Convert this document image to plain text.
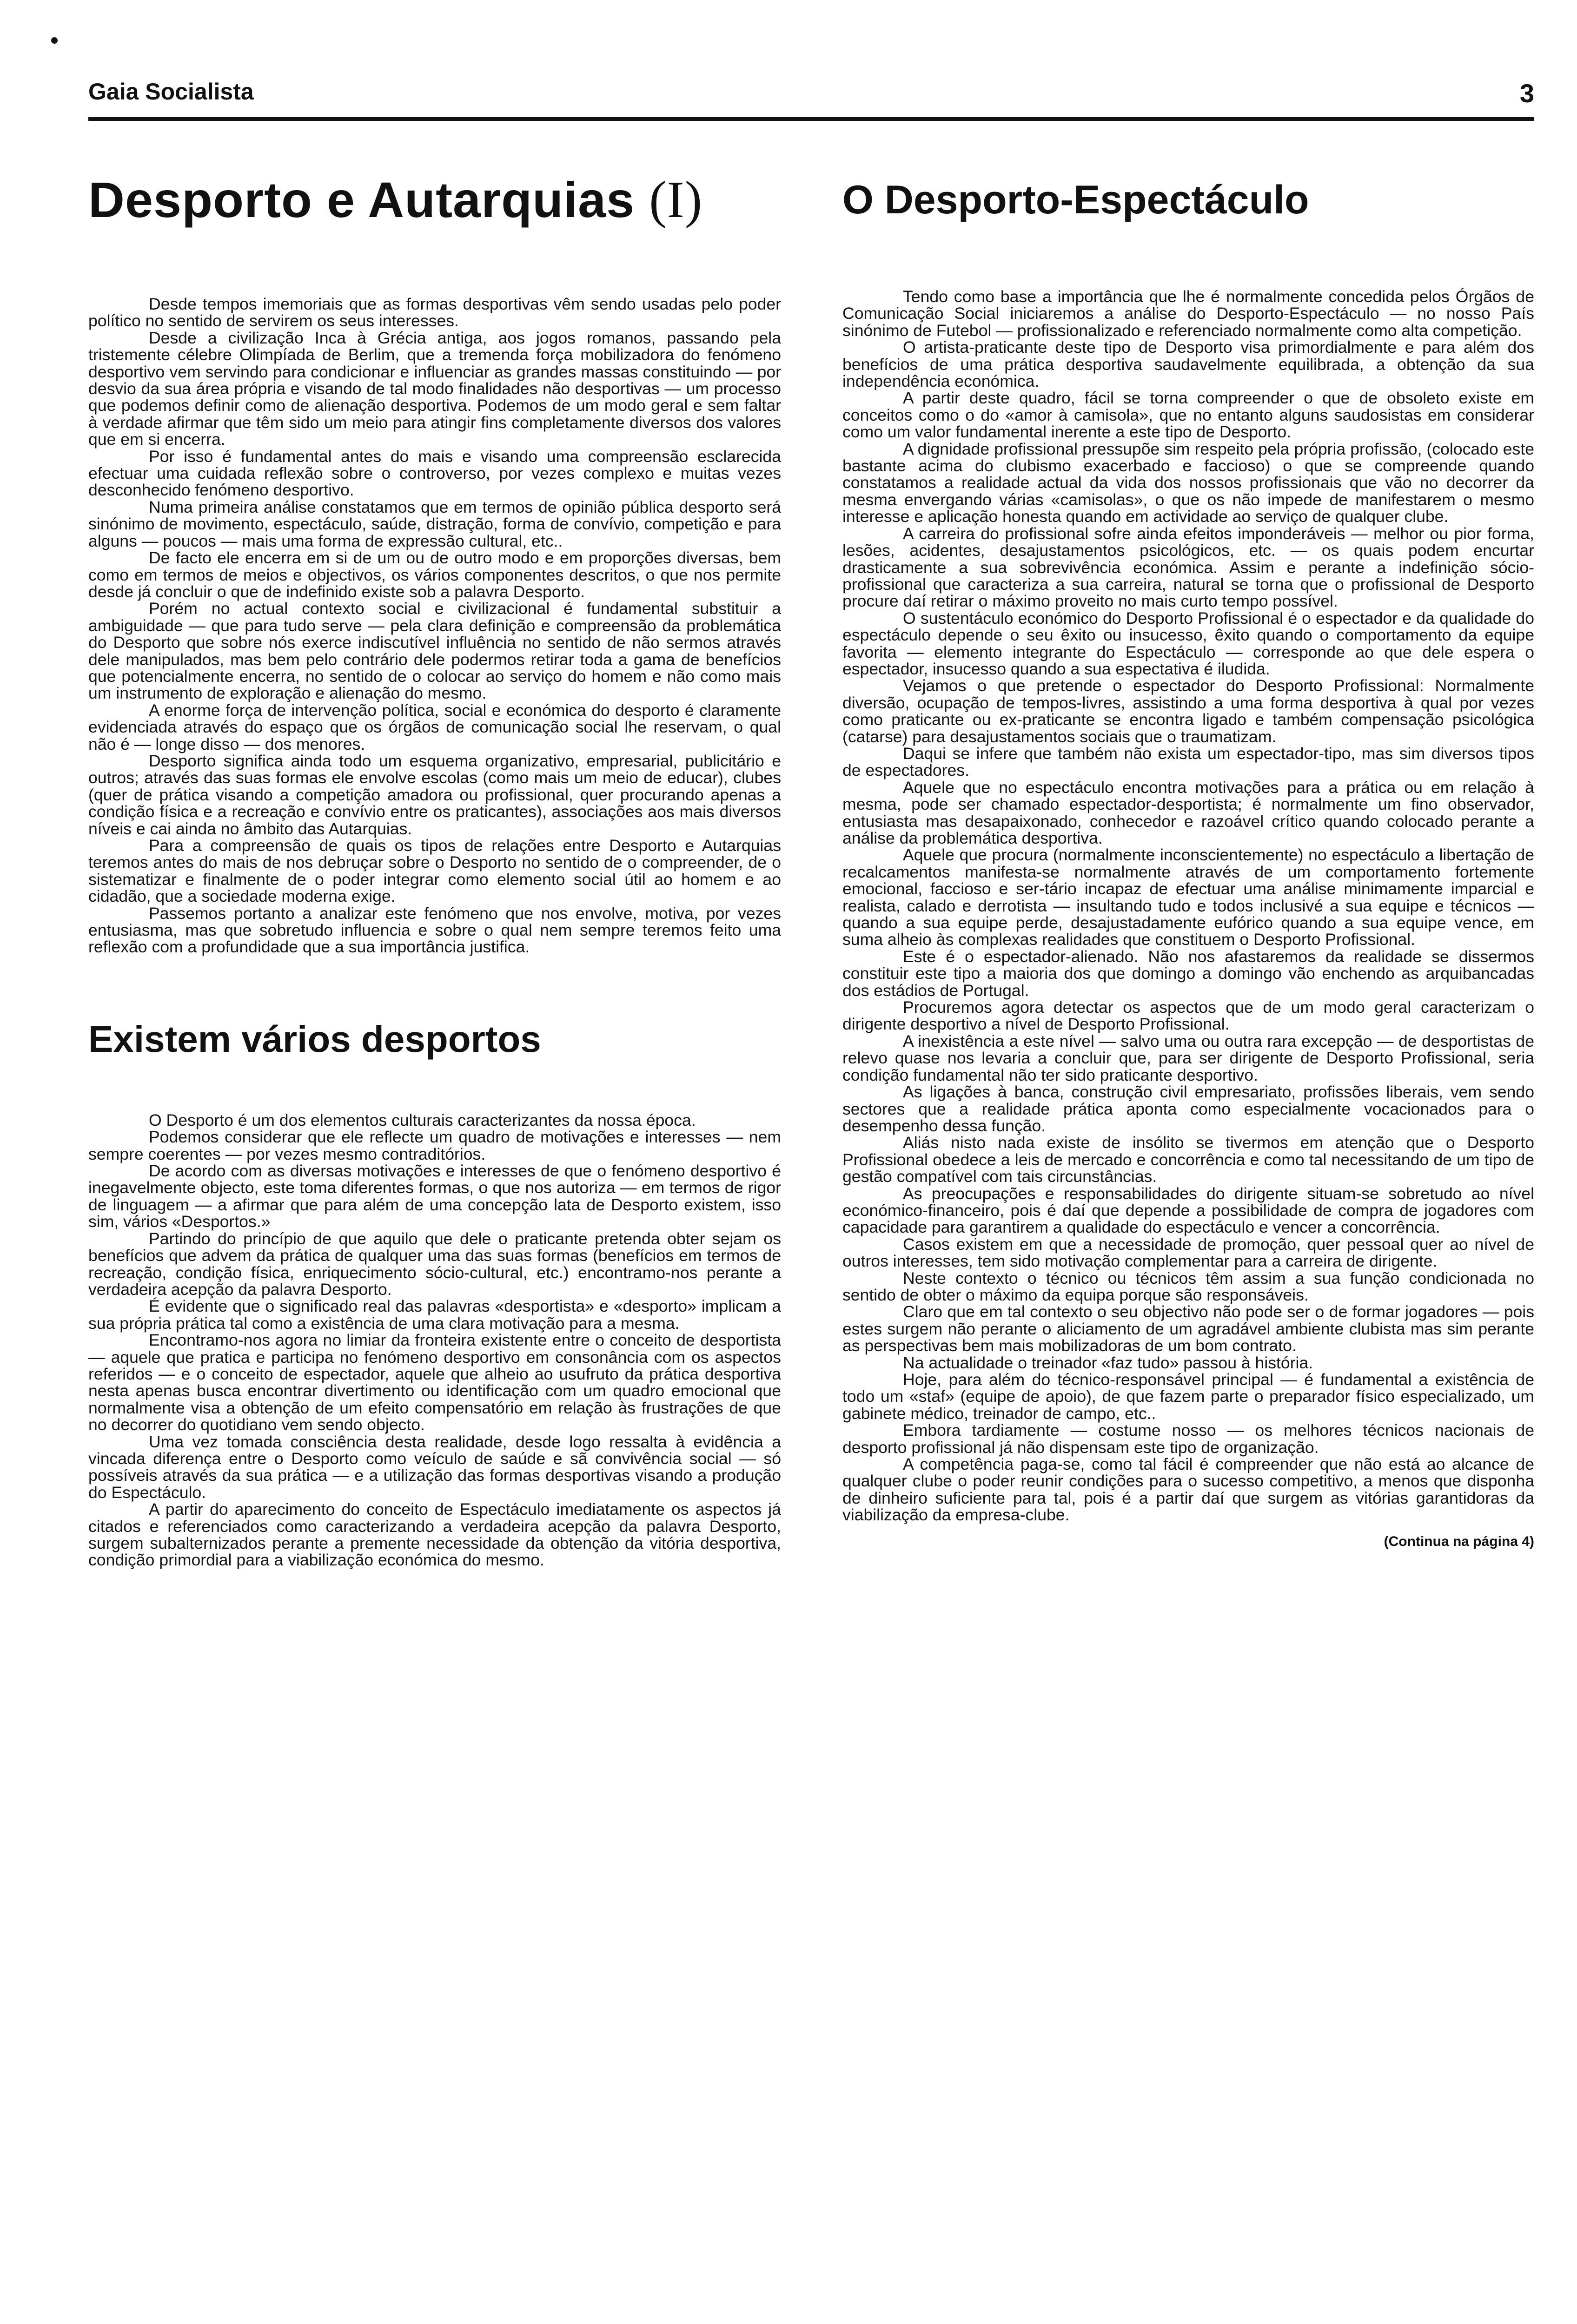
Gaia Socialista	3
Desporto e Autarquias (I)

Desde tempos imemoriais que as formas desportivas vêm sendo usadas pelo poder político no sentido de servirem os seus interesses.

Desde a civilização Inca à Grécia antiga, aos jogos romanos, passando pela tristemente célebre Olimpíada de Berlim, que a tremenda força mobilizadora do fenómeno desportivo vem servindo para condicionar e influenciar as grandes massas constituindo — por desvio da sua área própria e visando de tal modo finalidades não desportivas — um processo que podemos definir como de alienação desportiva. Podemos de um modo geral e sem faltar à verdade afirmar que têm sido um meio para atingir fins completamente diversos dos valores que em si encerra.

Por isso é fundamental antes do mais e visando uma compreensão esclarecida efectuar uma cuidada reflexão sobre o controverso, por vezes complexo e muitas vezes desconhecido fenómeno desportivo.

Numa primeira análise constatamos que em termos de opinião pública desporto será sinónimo de movimento, espectáculo, saúde, distração, forma de convívio, competição e para alguns — poucos — mais uma forma de expressão cultural, etc..

De facto ele encerra em si de um ou de outro modo e em proporções diversas, bem como em termos de meios e objectivos, os vários componentes descritos, o que nos permite desde já concluir o que de indefinido existe sob a palavra Desporto.

Porém no actual contexto social e civilizacional é fundamental substituir a ambiguidade — que para tudo serve — pela clara definição e compreensão da problemática do Desporto que sobre nós exerce indiscutível influência no sentido de não sermos através dele manipulados, mas bem pelo contrário dele podermos retirar toda a gama de benefícios que potencialmente encerra, no sentido de o colocar ao serviço do homem e não como mais um instrumento de exploração e alienação do mesmo.

A enorme força de intervenção política, social e económica do desporto é claramente evidenciada através do espaço que os órgãos de comunicação social lhe reservam, o qual não é — longe disso — dos menores.

Desporto significa ainda todo um esquema organizativo, empresarial, publicitário e outros; através das suas formas ele envolve escolas (como mais um meio de educar), clubes (quer de prática visando a competição amadora ou profissional, quer procurando apenas a condição física e a recreação e convívio entre os praticantes), associações aos mais diversos níveis e cai ainda no âmbito das Autarquias.

Para a compreensão de quais os tipos de relações entre Desporto e Autarquias teremos antes do mais de nos debruçar sobre o Desporto no sentido de o compreender, de o sistematizar e finalmente de o poder integrar como elemento social útil ao homem e ao cidadão, que a sociedade moderna exige.

Passemos portanto a analizar este fenómeno que nos envolve, motiva, por vezes entusiasma, mas que sobretudo influencia e sobre o qual nem sempre teremos feito uma reflexão com a profundidade que a sua importância justifica.

Existem vários desportos

O Desporto é um dos elementos culturais caracterizantes da nossa época.

Podemos considerar que ele reflecte um quadro de motivações e interesses — nem sempre coerentes — por vezes mesmo contraditórios.

De acordo com as diversas motivações e interesses de que o fenómeno desportivo é inegavelmente objecto, este toma diferentes formas, o que nos autoriza — em termos de rigor de linguagem — a afirmar que para além de uma concepção lata de Desporto existem, isso sim, vários «Desportos.»

Partindo do princípio de que aquilo que dele o praticante pretenda obter sejam os benefícios que advem da prática de qualquer uma das suas formas (benefícios em termos de recreação, condição física, enriquecimento sócio-cultural, etc.) encontramo-nos perante a verdadeira acepção da palavra Desporto.

É evidente que o significado real das palavras «desportista» e «desporto» implicam a sua própria prática tal como a existência de uma clara motivação para a mesma.

Encontramo-nos agora no limiar da fronteira existente entre o conceito de desportista — aquele que pratica e participa no fenómeno desportivo em consonância com os aspectos referidos — e o conceito de espectador, aquele que alheio ao usufruto da prática desportiva nesta apenas busca encontrar divertimento ou identificação com um quadro emocional que normalmente visa a obtenção de um efeito compensatório em relação às frustrações de que no decorrer do quotidiano vem sendo objecto.

Uma vez tomada consciência desta realidade, desde logo ressalta à evidência a vincada diferença entre o Desporto como veículo de saúde e sã convivência social — só possíveis através da sua prática — e a utilização das formas desportivas visando a produção do Espectáculo.

A partir do aparecimento do conceito de Espectáculo imediatamente os aspectos já citados e referenciados como caracterizando a verdadeira acepção da palavra Desporto, surgem subalternizados perante a premente necessidade da obtenção da vitória desportiva, condição primordial para a viabilização económica do mesmo.

O Desporto-Espectáculo

Tendo como base a importância que lhe é normalmente concedida pelos Órgãos de Comunicação Social iniciaremos a análise do Desporto-Espectáculo — no nosso País sinónimo de Futebol — profissionalizado e referenciado normalmente como alta competição.

O artista-praticante deste tipo de Desporto visa primordialmente e para além dos benefícios de uma prática desportiva saudavelmente equilibrada, a obtenção da sua independência económica.

A partir deste quadro, fácil se torna compreender o que de obsoleto existe em conceitos como o do «amor à camisola», que no entanto alguns saudosistas em considerar como um valor fundamental inerente a este tipo de Desporto.

A dignidade profissional pressupõe sim respeito pela própria profissão, (colocado este bastante acima do clubismo exacerbado e faccioso) o que se compreende quando constatamos a realidade actual da vida dos nossos profissionais que vão no decorrer da mesma envergando várias «camisolas», o que os não impede de manifestarem o mesmo interesse e aplicação honesta quando em actividade ao serviço de qualquer clube.

A carreira do profissional sofre ainda efeitos imponderáveis — melhor ou pior forma, lesões, acidentes, desajustamentos psicológicos, etc. — os quais podem encurtar drasticamente a sua sobrevivência económica. Assim e perante a indefinição sócio-profissional que caracteriza a sua carreira, natural se torna que o profissional de Desporto procure daí retirar o máximo proveito no mais curto tempo possível.

O sustentáculo económico do Desporto Profissional é o espectador e da qualidade do espectáculo depende o seu êxito ou insucesso, êxito quando o comportamento da equipe favorita — elemento integrante do Espectáculo — corresponde ao que dele espera o espectador, insucesso quando a sua espectativa é iludida.

Vejamos o que pretende o espectador do Desporto Profissional: Normalmente diversão, ocupação de tempos-livres, assistindo a uma forma desportiva à qual por vezes como praticante ou ex-praticante se encontra ligado e também compensação psicológica (catarse) para desajustamentos sociais que o traumatizam.

Daqui se infere que também não exista um espectador-tipo, mas sim diversos tipos de espectadores.

Aquele que no espectáculo encontra motivações para a prática ou em relação à mesma, pode ser chamado espectador-desportista; é normalmente um fino observador, entusiasta mas desapaixonado, conhecedor e razoável crítico quando colocado perante a análise da problemática desportiva.

Aquele que procura (normalmente inconscientemente) no espectáculo a libertação de recalcamentos manifesta-se normalmente através de um comportamento fortemente emocional, faccioso e ser-tário incapaz de efectuar uma análise minimamente imparcial e realista, calado e derrotista — insultando tudo e todos inclusivé a sua equipe e técnicos — quando a sua equipe perde, desajustadamente eufórico quando a sua equipe vence, em suma alheio às complexas realidades que constituem o Desporto Profissional.

Este é o espectador-alienado. Não nos afastaremos da realidade se dissermos constituir este tipo a maioria dos que domingo a domingo vão enchendo as arquibancadas dos estádios de Portugal.

Procuremos agora detectar os aspectos que de um modo geral caracterizam o dirigente desportivo a nível de Desporto Profissional.

A inexistência a este nível — salvo uma ou outra rara excepção — de desportistas de relevo quase nos levaria a concluir que, para ser dirigente de Desporto Profissional, seria condição fundamental não ter sido praticante desportivo.

As ligações à banca, construção civil empresariato, profissões liberais, vem sendo sectores que a realidade prática aponta como especialmente vocacionados para o desempenho dessa função.

Aliás nisto nada existe de insólito se tivermos em atenção que o Desporto Profissional obedece a leis de mercado e concorrência e como tal necessitando de um tipo de gestão compatível com tais circunstâncias.

As preocupações e responsabilidades do dirigente situam-se sobretudo ao nível económico-financeiro, pois é daí que depende a possibilidade de compra de jogadores com capacidade para garantirem a qualidade do espectáculo e vencer a concorrência.

Casos existem em que a necessidade de promoção, quer pessoal quer ao nível de outros interesses, tem sido motivação complementar para a carreira de dirigente.

Neste contexto o técnico ou técnicos têm assim a sua função condicionada no sentido de obter o máximo da equipa porque são responsáveis.

Claro que em tal contexto o seu objectivo não pode ser o de formar jogadores — pois estes surgem não perante o aliciamento de um agradável ambiente clubista mas sim perante as perspectivas bem mais mobilizadoras de um bom contrato.

Na actualidade o treinador «faz tudo» passou à história.

Hoje, para além do técnico-responsável principal — é fundamental a existência de todo um «staf» (equipe de apoio), de que fazem parte o preparador físico especializado, um gabinete médico, treinador de campo, etc..

Embora tardiamente — costume nosso — os melhores técnicos nacionais de desporto profissional já não dispensam este tipo de organização.

A competência paga-se, como tal fácil é compreender que não está ao alcance de qualquer clube o poder reunir condições para o sucesso competitivo, a menos que disponha de dinheiro suficiente para tal, pois é a partir daí que surgem as vitórias garantidoras da viabilização da empresa-clube.

(Continua na página 4)
